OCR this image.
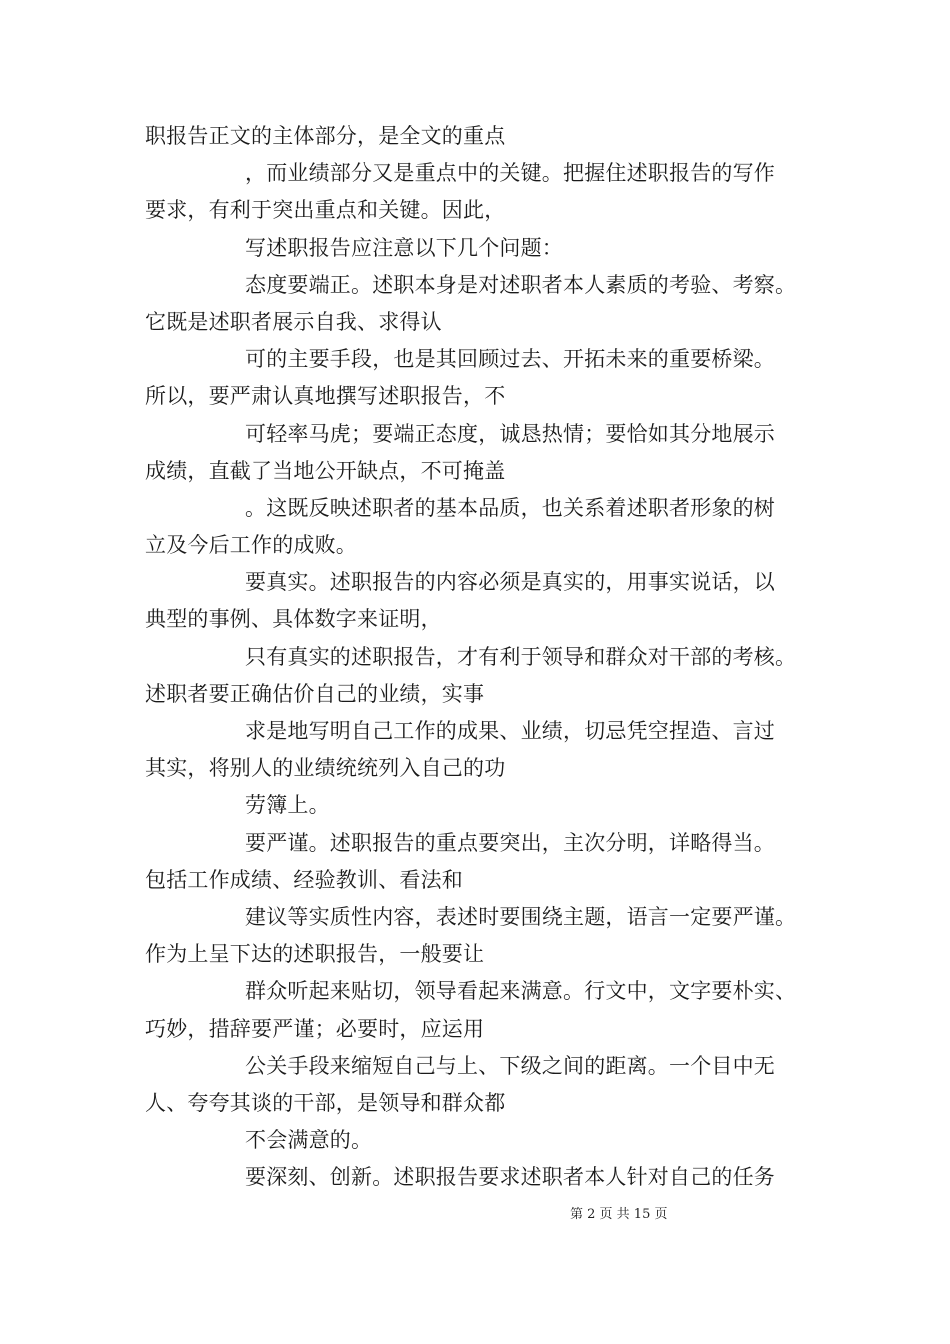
职报告正文的主体部分，是全文的重点
，而业绩部分又是重点中的关键。把握住述职报告的写作
要求，有利于突出重点和关键。因此，
写述职报告应注意以下几个问题：
态度要端正。述职本身是对述职者本人素质的考验、考察。
它既是述职者展示自我、求得认
可的主要手段，也是其回顾过去、开拓未来的重要桥梁。
所以，要严肃认真地撰写述职报告，不
可轻率马虎；要端正态度，诚恳热情；要恰如其分地展示
成绩，直截了当地公开缺点，不可掩盖
。这既反映述职者的基本品质，也关系着述职者形象的树
立及今后工作的成败。
要真实。述职报告的内容必须是真实的，用事实说话，以
典型的事例、具体数字来证明，
只有真实的述职报告，才有利于领导和群众对干部的考核。
述职者要正确估价自己的业绩，实事
求是地写明自己工作的成果、业绩，切忌凭空捏造、言过
其实，将别人的业绩统统列入自己的功
劳簿上。
要严谨。述职报告的重点要突出，主次分明，详略得当。
包括工作成绩、经验教训、看法和
建议等实质性内容，表述时要围绕主题，语言一定要严谨。
作为上呈下达的述职报告，一般要让
群众听起来贴切，领导看起来满意。行文中，文字要朴实、
巧妙，措辞要严谨；必要时，应运用
公关手段来缩短自己与上、下级之间的距离。一个目中无
人、夸夸其谈的干部，是领导和群众都
不会满意的。
要深刻、创新。述职报告要求述职者本人针对自己的任务
第 2 页 共 15 页
